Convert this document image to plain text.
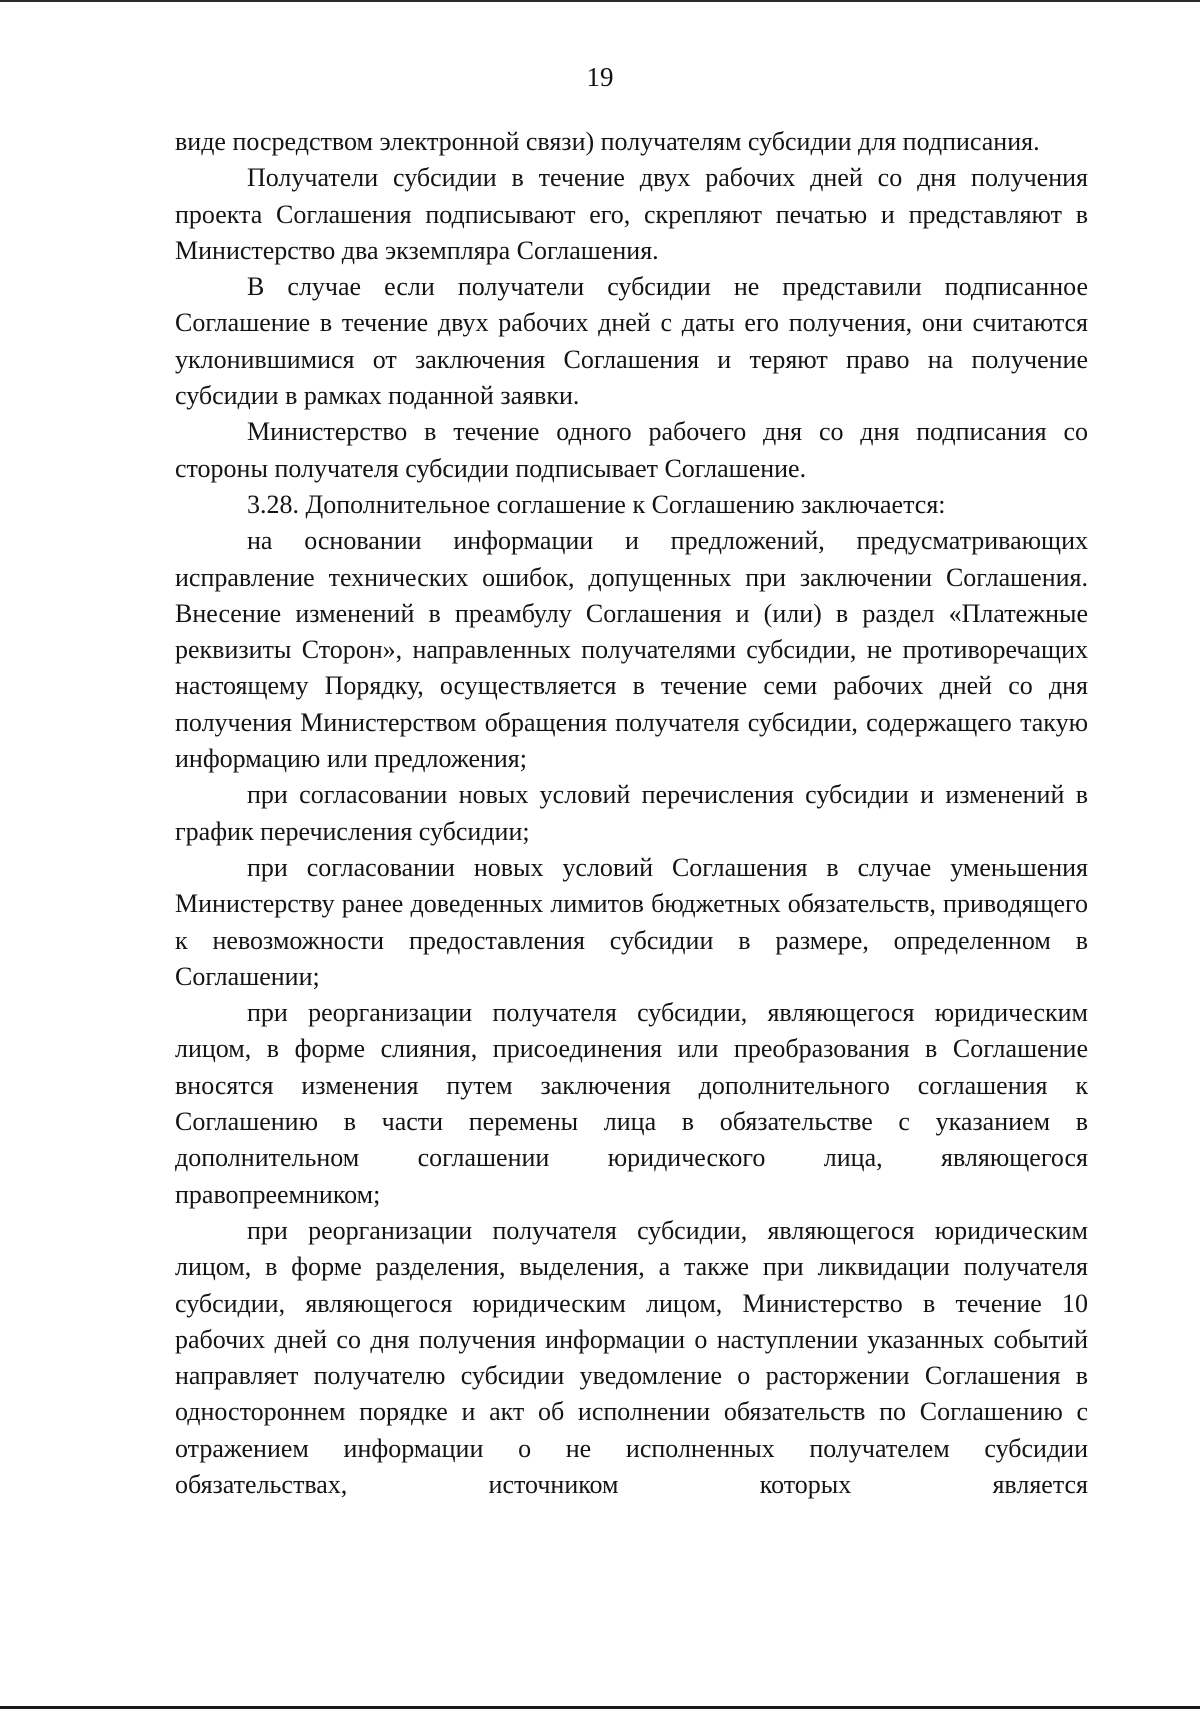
19

виде посредством электронной связи) получателям субсидии для подписания.

Получатели субсидии в течение двух рабочих дней со дня получения проекта Соглашения подписывают его, скрепляют печатью и представляют в Министерство два экземпляра Соглашения.

В случае если получатели субсидии не представили подписанное Соглашение в течение двух рабочих дней с даты его получения, они считаются уклонившимися от заключения Соглашения и теряют право на получение субсидии в рамках поданной заявки.

Министерство в течение одного рабочего дня со дня подписания со стороны получателя субсидии подписывает Соглашение.

3.28. Дополнительное соглашение к Соглашению заключается:

на основании информации и предложений, предусматривающих исправление технических ошибок, допущенных при заключении Соглашения. Внесение изменений в преамбулу Соглашения и (или) в раздел «Платежные реквизиты Сторон», направленных получателями субсидии, не противоречащих настоящему Порядку, осуществляется в течение семи рабочих дней со дня получения Министерством обращения получателя субсидии, содержащего такую информацию или предложения;

при согласовании новых условий перечисления субсидии и изменений в график перечисления субсидии;

при согласовании новых условий Соглашения в случае уменьшения Министерству ранее доведенных лимитов бюджетных обязательств, приводящего к невозможности предоставления субсидии в размере, определенном в Соглашении;

при реорганизации получателя субсидии, являющегося юридическим лицом, в форме слияния, присоединения или преобразования в Соглашение вносятся изменения путем заключения дополнительного соглашения к Соглашению в части перемены лица в обязательстве с указанием в дополнительном соглашении юридического лица, являющегося правопреемником;

при реорганизации получателя субсидии, являющегося юридическим лицом, в форме разделения, выделения, а также при ликвидации получателя субсидии, являющегося юридическим лицом, Министерство в течение 10 рабочих дней со дня получения информации о наступлении указанных событий направляет получателю субсидии уведомление о расторжении Соглашения в одностороннем порядке и акт об исполнении обязательств по Соглашению с отражением информации о не исполненных получателем субсидии обязательствах, источником которых является
